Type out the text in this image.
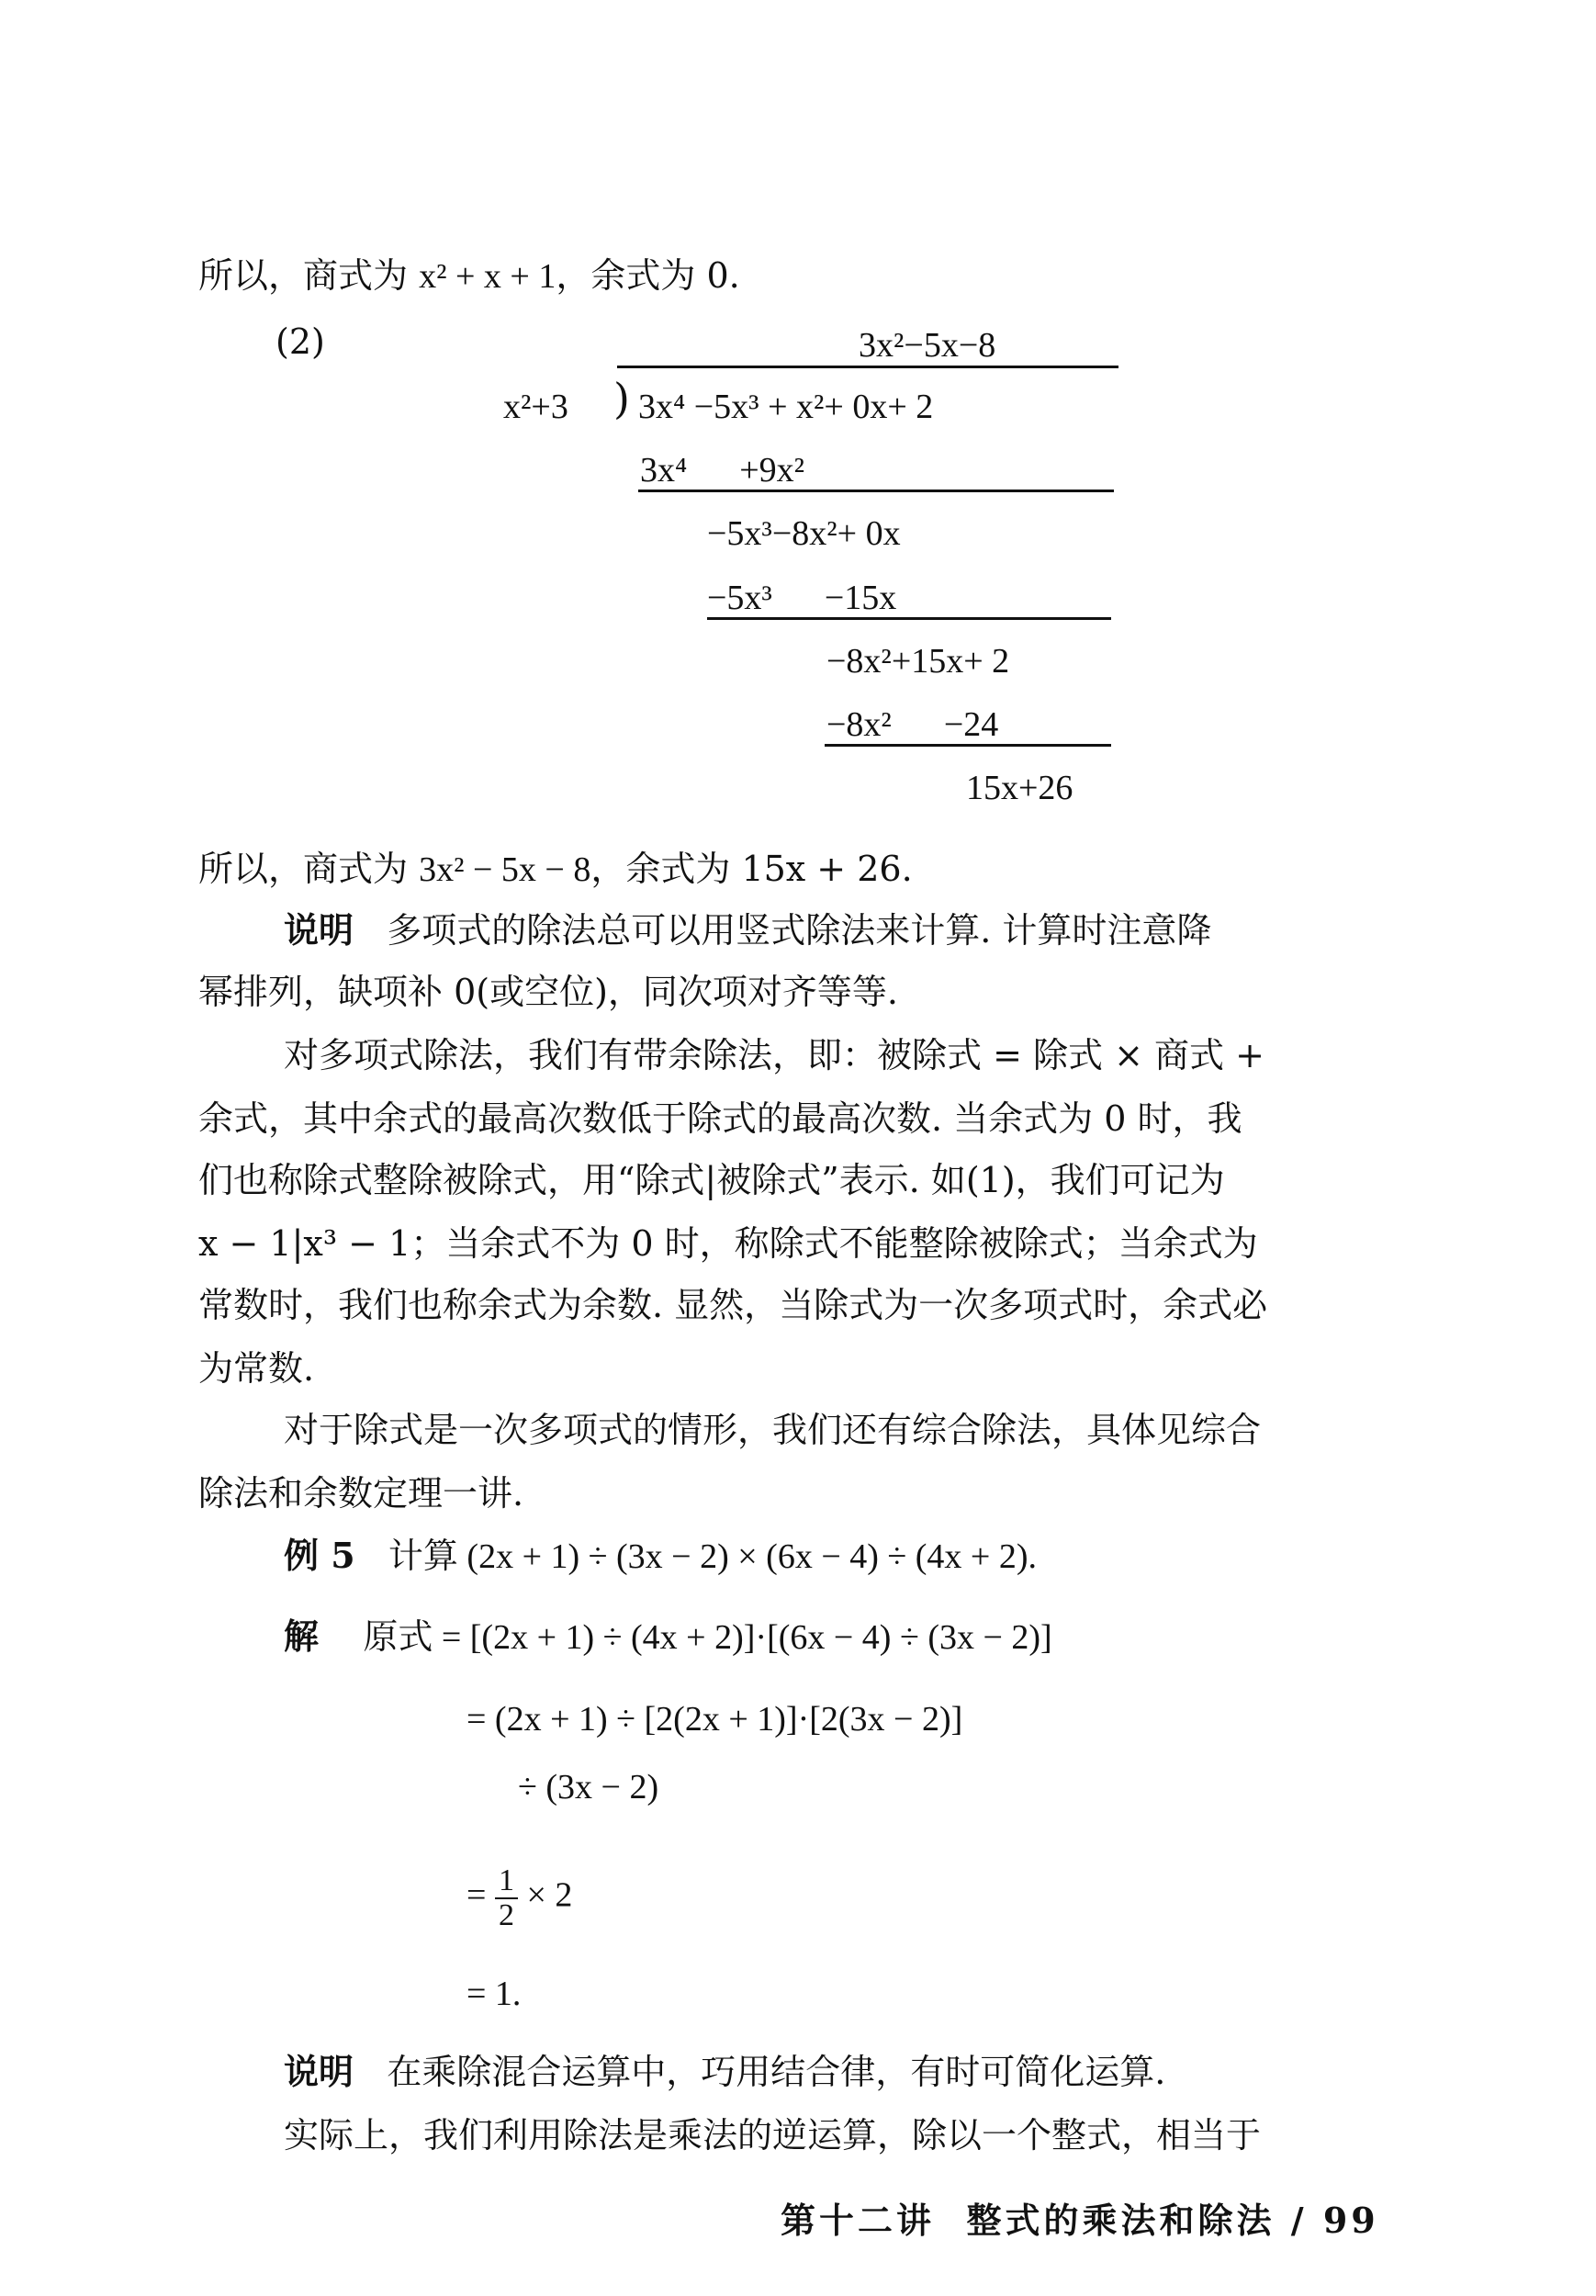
所以，商式为 x² + x + 1，余式为 0.
(2)	3x²−5x−8
x²+3 ) 3x⁴ −5x³ + x²+ 0x+ 2
3x⁴      +9x²
−5x³−8x²+ 0x
−5x³      −15x
−8x²+15x+ 2
−8x²      −24
15x+26
所以，商式为 3x² − 5x − 8，余式为 15x + 26.
说明 多项式的除法总可以用竖式除法来计算. 计算时注意降
幂排列，缺项补 0(或空位)，同次项对齐等等.
对多项式除法，我们有带余除法，即：被除式 = 除式 × 商式 +
余式，其中余式的最高次数低于除式的最高次数. 当余式为 0 时，我
们也称除式整除被除式，用“除式|被除式”表示. 如(1)，我们可记为
x − 1|x³ − 1；当余式不为 0 时，称除式不能整除被除式；当余式为
常数时，我们也称余式为余数. 显然，当除式为一次多项式时，余式必
为常数.
对于除式是一次多项式的情形，我们还有综合除法，具体见综合
除法和余数定理一讲.
例 5 计算 (2x + 1) ÷ (3x − 2) × (6x − 4) ÷ (4x + 2).
解 原式 = [(2x + 1) ÷ (4x + 2)]·[(6x − 4) ÷ (3x − 2)]
= (2x + 1) ÷ [2(2x + 1)]·[2(3x − 2)]
÷ (3x − 2)
= $\frac{1}{2} \times 2$
= 1.
说明 在乘除混合运算中，巧用结合律，有时可简化运算.
实际上，我们利用除法是乘法的逆运算，除以一个整式，相当于
第十二讲 整式的乘法和除法 / 99
